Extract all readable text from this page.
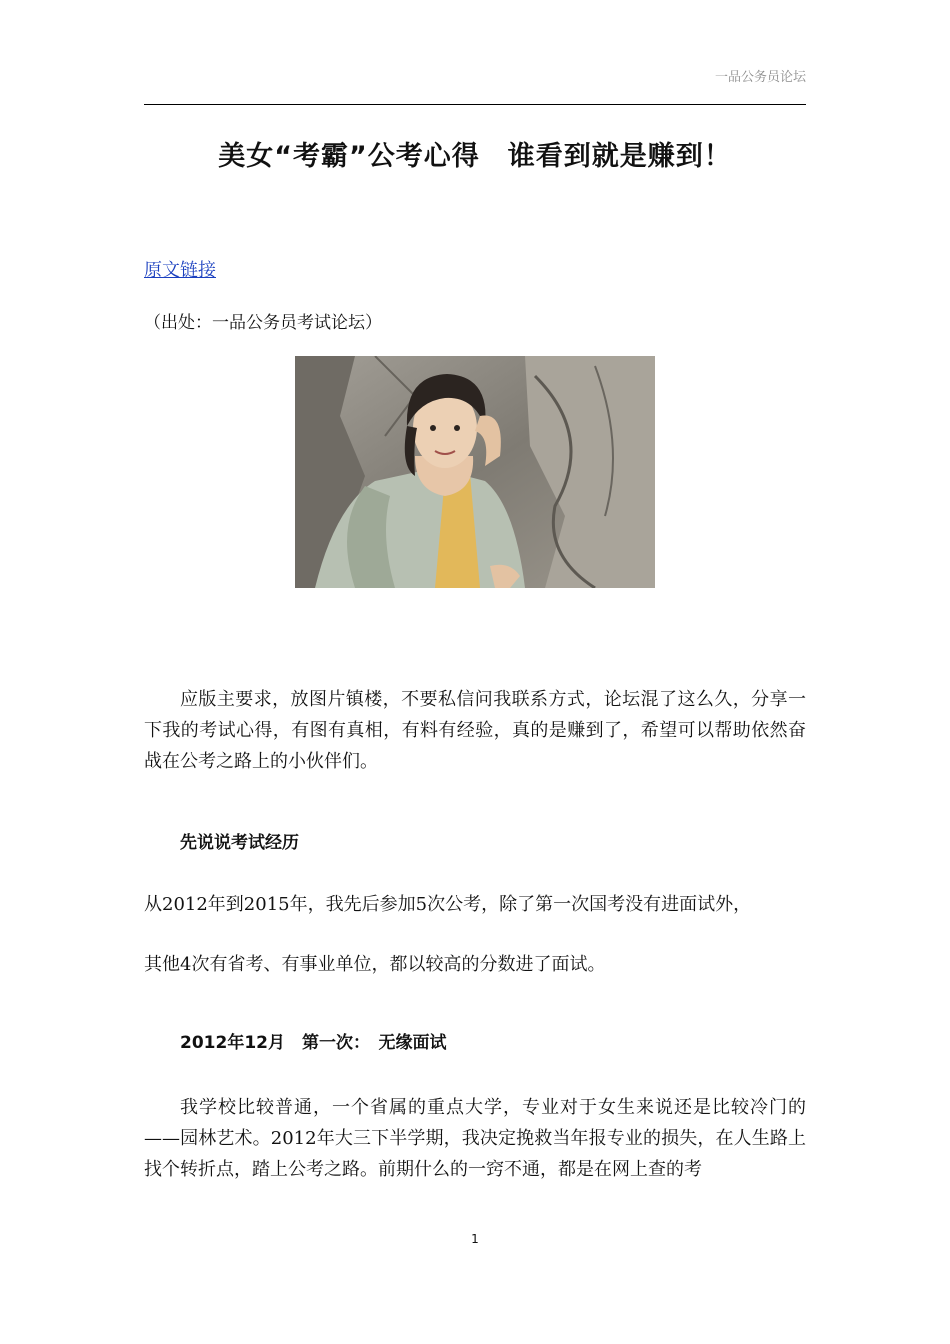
一品公务员论坛
美女“考霸”公考心得　谁看到就是赚到！
原文链接
（出处：一品公务员考试论坛）
应版主要求，放图片镇楼，不要私信问我联系方式，论坛混了这么久，分享一下我的考试心得，有图有真相，有料有经验，真的是赚到了，希望可以帮助依然奋战在公考之路上的小伙伴们。
先说说考试经历
从2012年到2015年，我先后参加5次公考，除了第一次国考没有进面试外，
其他4次有省考、有事业单位，都以较高的分数进了面试。
2012年12月　第一次：　无缘面试
我学校比较普通，一个省属的重点大学，专业对于女生来说还是比较冷门的——园林艺术。2012年大三下半学期，我决定挽救当年报专业的损失，在人生路上找个转折点，踏上公考之路。前期什么的一窍不通，都是在网上查的考
1
